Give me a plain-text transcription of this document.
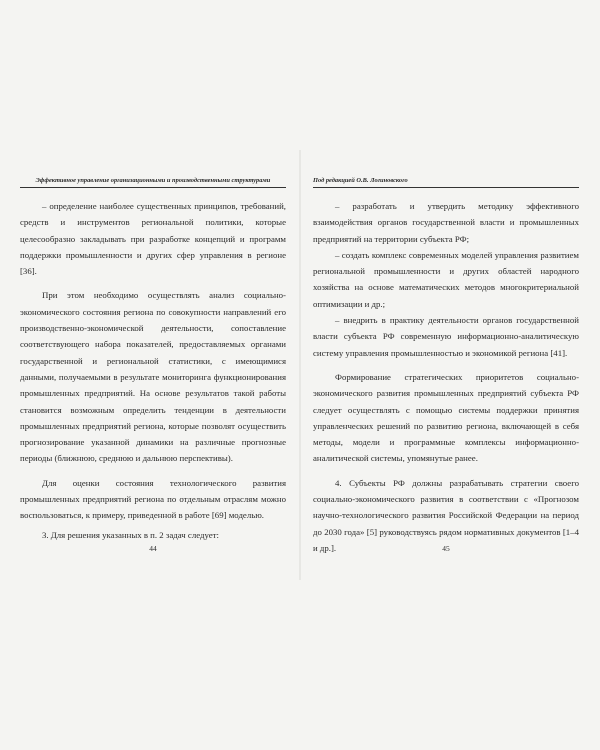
Эффективное управление организационными и производственными структурами

– определение наиболее существенных принципов, требований, средств и инструментов региональной политики, которые целесообразно закладывать при разработке концепций и программ поддержки промышленности и других сфер управления в регионе [36].

При этом необходимо осуществлять анализ социально-экономического состояния региона по совокупности направлений его производственно-экономической деятельности, сопоставление соответствующего набора показателей, предоставляемых органами государственной и региональной статистики, с имеющимися данными, получаемыми в результате мониторинга функционирования промышленных предприятий. На основе результатов такой работы становится возможным определить тенденции в деятельности промышленных предприятий региона, которые позволят осуществить прогнозирование указанной динамики на различные прогнозные периоды (ближнюю, среднюю и дальнюю перспективы).

Для оценки состояния технологического развития промышленных предприятий региона по отдельным отраслям можно воспользоваться, к примеру, приведенной в работе [69] моделью.

3. Для решения указанных в п. 2 задач следует:

44
Под редакцией О.В. Логиновского

– разработать и утвердить методику эффективного взаимодействия органов государственной власти и промышленных предприятий на территории субъекта РФ;

– создать комплекс современных моделей управления развитием региональной промышленности и других областей народного хозяйства на основе математических методов многокритериальной оптимизации и др.;

– внедрить в практику деятельности органов государственной власти субъекта РФ современную информационно-аналитическую систему управления промышленностью и экономикой региона [41].

Формирование стратегических приоритетов социально-экономического развития промышленных предприятий субъекта РФ следует осуществлять с помощью системы поддержки принятия управленческих решений по развитию региона, включающей в себя методы, модели и программные комплексы информационно-аналитической системы, упомянутые ранее.

4. Субъекты РФ должны разрабатывать стратегии своего социально-экономического развития в соответствии с «Прогнозом научно-технологического развития Российской Федерации на период до 2030 года» [5] руководствуясь рядом нормативных документов [1–4 и др.].	45
